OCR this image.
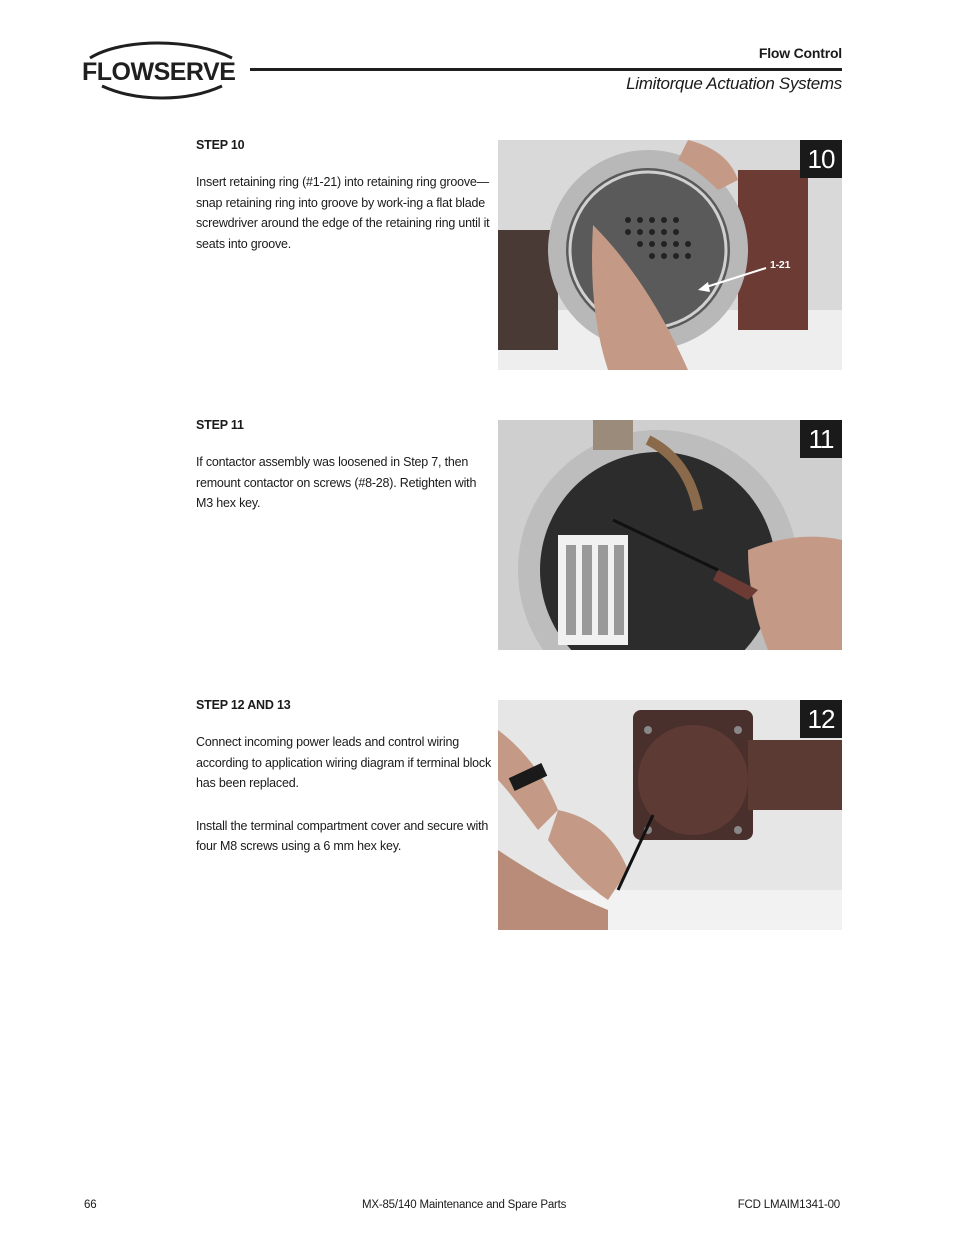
FLOWSERVE
Flow Control
Limitorque Actuation Systems

STEP 10

Insert retaining ring (#1-21) into retaining ring groove—snap retaining ring into groove by work-ing a flat blade screwdriver around the edge of the retaining ring until it seats into groove.

1-21
10

STEP 11

If contactor assembly was loosened in Step 7, then remount contactor on screws (#8-28). Retighten with M3 hex key.

11

STEP 12 AND 13

Connect incoming power leads and control wiring according to application wiring diagram if terminal block has been replaced.

Install the terminal compartment cover and secure with four M8 screws using a 6 mm hex key.

12
66	MX-85/140 Maintenance and Spare Parts	FCD LMAIM1341-00
